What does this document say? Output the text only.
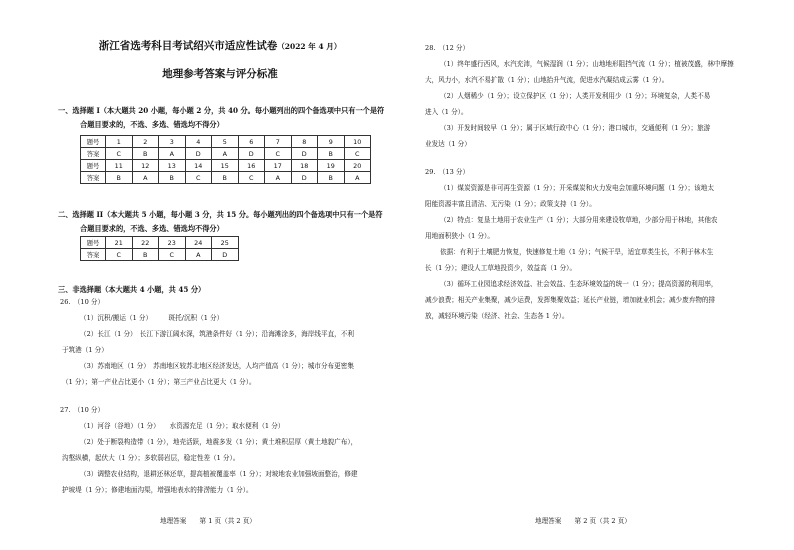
浙江省选考科目考试绍兴市适应性试卷（2022 年 4 月）
地理参考答案与评分标准
一、选择题 I（本大题共 20 小题，每小题 2 分，共 40 分。每小题列出的四个备选项中只有一个是符
合题目要求的，不选、多选、错选均不得分）
题号	1	2	3	4	5	6	7	8	9	10
答案	C	B	A	D	A	D	C	D	B	C
题号	11	12	13	14	15	16	17	18	19	20
答案	B	A	B	C	B	C	A	D	B	A
二、选择题 II（本大题共 5 小题，每小题 3 分，共 15 分。每小题列出的四个备选项中只有一个是符
合题目要求的，不选、多选、错选均不得分）
题号	21	22	23	24	25
答案	C	B	C	A	D
三、非选择题（本大题共 4 小题，共 45 分）
26.　（10 分）
（1）沉积/搬运（1 分）　　　斑托/沉积（1 分）
（2）长江（1 分）　长江下游江阔水深，筑港条件好（1 分）；沿海滩涂多，海岸线平直，不利
于筑港（1 分）
（3）苏南地区（1 分）　苏南地区较苏北地区经济发达，人均产值高（1 分）；城市分布更密集
（1 分）；第一产业占比更小（1 分）；第三产业占比更大（1 分）。
27.　（10 分）
（1）河谷（谷地）（1 分）　　水资源充足（1 分）；取水便利（1 分）
（2）处于断裂构造带（1 分），地壳活跃，地震多发（1 分）；黄土堆积层厚（黄土地貌广布），
沟壑纵横，起伏大（1 分）；多软弱岩层，稳定性差（1 分）。
（3）调整农业结构，退耕还林还草，提高植被覆盖率（1 分）；对坡地农业加强坡面整治，修建
护坡堤（1 分）；修建地面沟渠，增强地表水的排涝能力（1 分）。
地理答案　　第 1 页（共 2 页）
28.　（12 分）
（1）终年盛行西风，水汽充沛，气候湿润（1 分）；山地地形阻挡气流（1 分）；植被茂盛，林中摩擦
大，风力小，水汽不易扩散（1 分）；山地抬升气流，促进水汽凝结成云雾（1 分）。
（2）人烟稀少（1 分）；设立保护区（1 分）；人类开发利用少（1 分）；环境复杂，人类不易
进入（1 分）。
（3）开发时间较早（1 分）；属于区域行政中心（1 分）；港口城市，交通便利（1 分）；旅游
业发达（1 分）
29.　（13 分）
（1）煤炭资源是非可再生资源（1 分）；开采煤炭和火力发电会加重环境问题（1 分）；该地太
阳能资源丰富且清洁、无污染（1 分）；政策支持（1 分）。
（2）特点：复垦土地用于农业生产（1 分）；大部分用来建设牧草地，少部分用于林地，其他农
用地面积狭小（1 分）。
依据：有利于土壤肥力恢复，快速修复土地（1 分）；气候干旱，适宜草类生长，不利于林木生
长（1 分）；建设人工草地投资少，效益高（1 分）。
（3）循环工业园追求经济效益、社会效益、生态环境效益的统一（1 分）；提高资源的利用率，
减少浪费；相关产业集聚，减少运费，发挥集聚效益；延长产业链，增加就业机会；减少废弃物的排
放，减轻环境污染（经济、社会、生态各 1 分）。
地理答案　　第 2 页（共 2 页）
